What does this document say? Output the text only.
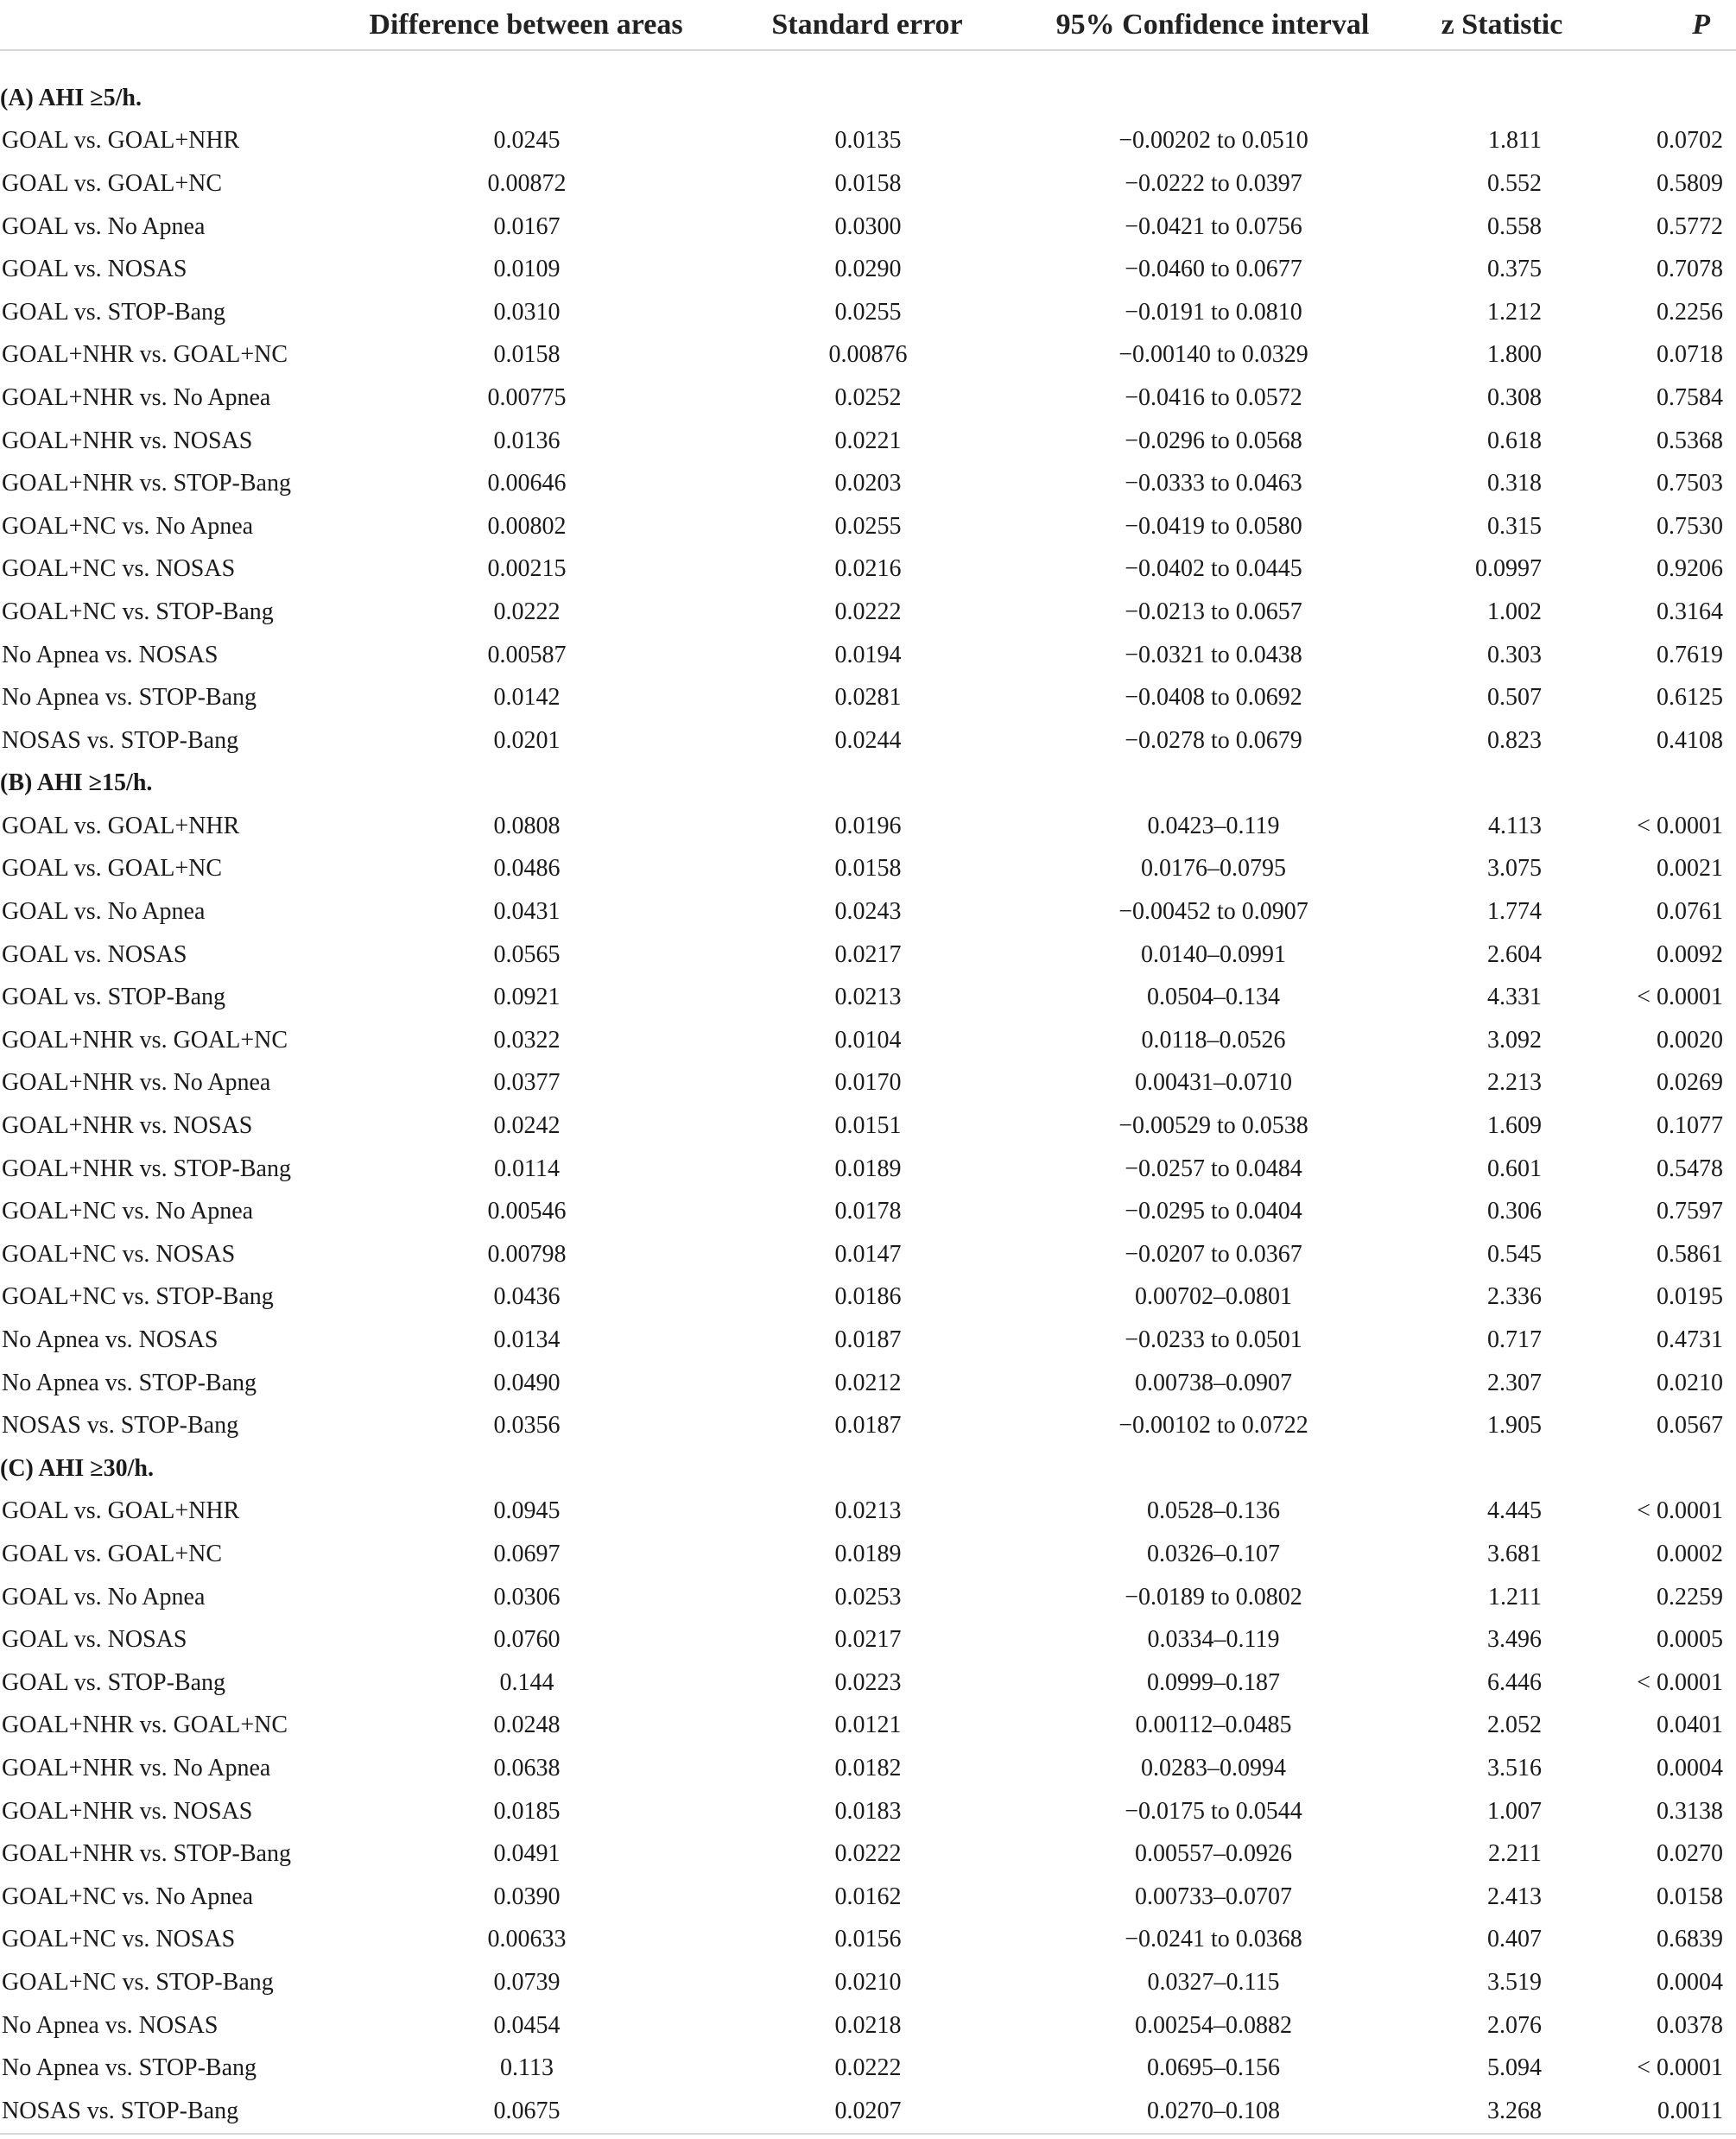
	Difference between areas	Standard error	95% Confidence interval	z Statistic	P

(A) AHI ≥5/h.					
GOAL vs. GOAL+NHR	0.0245	0.0135	−0.00202 to 0.0510	1.811	0.0702
GOAL vs. GOAL+NC	0.00872	0.0158	−0.0222 to 0.0397	0.552	0.5809
GOAL vs. No Apnea	0.0167	0.0300	−0.0421 to 0.0756	0.558	0.5772
GOAL vs. NOSAS	0.0109	0.0290	−0.0460 to 0.0677	0.375	0.7078
GOAL vs. STOP-Bang	0.0310	0.0255	−0.0191 to 0.0810	1.212	0.2256
GOAL+NHR vs. GOAL+NC	0.0158	0.00876	−0.00140 to 0.0329	1.800	0.0718
GOAL+NHR vs. No Apnea	0.00775	0.0252	−0.0416 to 0.0572	0.308	0.7584
GOAL+NHR vs. NOSAS	0.0136	0.0221	−0.0296 to 0.0568	0.618	0.5368
GOAL+NHR vs. STOP-Bang	0.00646	0.0203	−0.0333 to 0.0463	0.318	0.7503
GOAL+NC vs. No Apnea	0.00802	0.0255	−0.0419 to 0.0580	0.315	0.7530
GOAL+NC vs. NOSAS	0.00215	0.0216	−0.0402 to 0.0445	0.0997	0.9206
GOAL+NC vs. STOP-Bang	0.0222	0.0222	−0.0213 to 0.0657	1.002	0.3164
No Apnea vs. NOSAS	0.00587	0.0194	−0.0321 to 0.0438	0.303	0.7619
No Apnea vs. STOP-Bang	0.0142	0.0281	−0.0408 to 0.0692	0.507	0.6125
NOSAS vs. STOP-Bang	0.0201	0.0244	−0.0278 to 0.0679	0.823	0.4108
(B) AHI ≥15/h.					
GOAL vs. GOAL+NHR	0.0808	0.0196	0.0423–0.119	4.113	< 0.0001
GOAL vs. GOAL+NC	0.0486	0.0158	0.0176–0.0795	3.075	0.0021
GOAL vs. No Apnea	0.0431	0.0243	−0.00452 to 0.0907	1.774	0.0761
GOAL vs. NOSAS	0.0565	0.0217	0.0140–0.0991	2.604	0.0092
GOAL vs. STOP-Bang	0.0921	0.0213	0.0504–0.134	4.331	< 0.0001
GOAL+NHR vs. GOAL+NC	0.0322	0.0104	0.0118–0.0526	3.092	0.0020
GOAL+NHR vs. No Apnea	0.0377	0.0170	0.00431–0.0710	2.213	0.0269
GOAL+NHR vs. NOSAS	0.0242	0.0151	−0.00529 to 0.0538	1.609	0.1077
GOAL+NHR vs. STOP-Bang	0.0114	0.0189	−0.0257 to 0.0484	0.601	0.5478
GOAL+NC vs. No Apnea	0.00546	0.0178	−0.0295 to 0.0404	0.306	0.7597
GOAL+NC vs. NOSAS	0.00798	0.0147	−0.0207 to 0.0367	0.545	0.5861
GOAL+NC vs. STOP-Bang	0.0436	0.0186	0.00702–0.0801	2.336	0.0195
No Apnea vs. NOSAS	0.0134	0.0187	−0.0233 to 0.0501	0.717	0.4731
No Apnea vs. STOP-Bang	0.0490	0.0212	0.00738–0.0907	2.307	0.0210
NOSAS vs. STOP-Bang	0.0356	0.0187	−0.00102 to 0.0722	1.905	0.0567
(C) AHI ≥30/h.					
GOAL vs. GOAL+NHR	0.0945	0.0213	0.0528–0.136	4.445	< 0.0001
GOAL vs. GOAL+NC	0.0697	0.0189	0.0326–0.107	3.681	0.0002
GOAL vs. No Apnea	0.0306	0.0253	−0.0189 to 0.0802	1.211	0.2259
GOAL vs. NOSAS	0.0760	0.0217	0.0334–0.119	3.496	0.0005
GOAL vs. STOP-Bang	0.144	0.0223	0.0999–0.187	6.446	< 0.0001
GOAL+NHR vs. GOAL+NC	0.0248	0.0121	0.00112–0.0485	2.052	0.0401
GOAL+NHR vs. No Apnea	0.0638	0.0182	0.0283–0.0994	3.516	0.0004
GOAL+NHR vs. NOSAS	0.0185	0.0183	−0.0175 to 0.0544	1.007	0.3138
GOAL+NHR vs. STOP-Bang	0.0491	0.0222	0.00557–0.0926	2.211	0.0270
GOAL+NC vs. No Apnea	0.0390	0.0162	0.00733–0.0707	2.413	0.0158
GOAL+NC vs. NOSAS	0.00633	0.0156	−0.0241 to 0.0368	0.407	0.6839
GOAL+NC vs. STOP-Bang	0.0739	0.0210	0.0327–0.115	3.519	0.0004
No Apnea vs. NOSAS	0.0454	0.0218	0.00254–0.0882	2.076	0.0378
No Apnea vs. STOP-Bang	0.113	0.0222	0.0695–0.156	5.094	< 0.0001
NOSAS vs. STOP-Bang	0.0675	0.0207	0.0270–0.108	3.268	0.0011
